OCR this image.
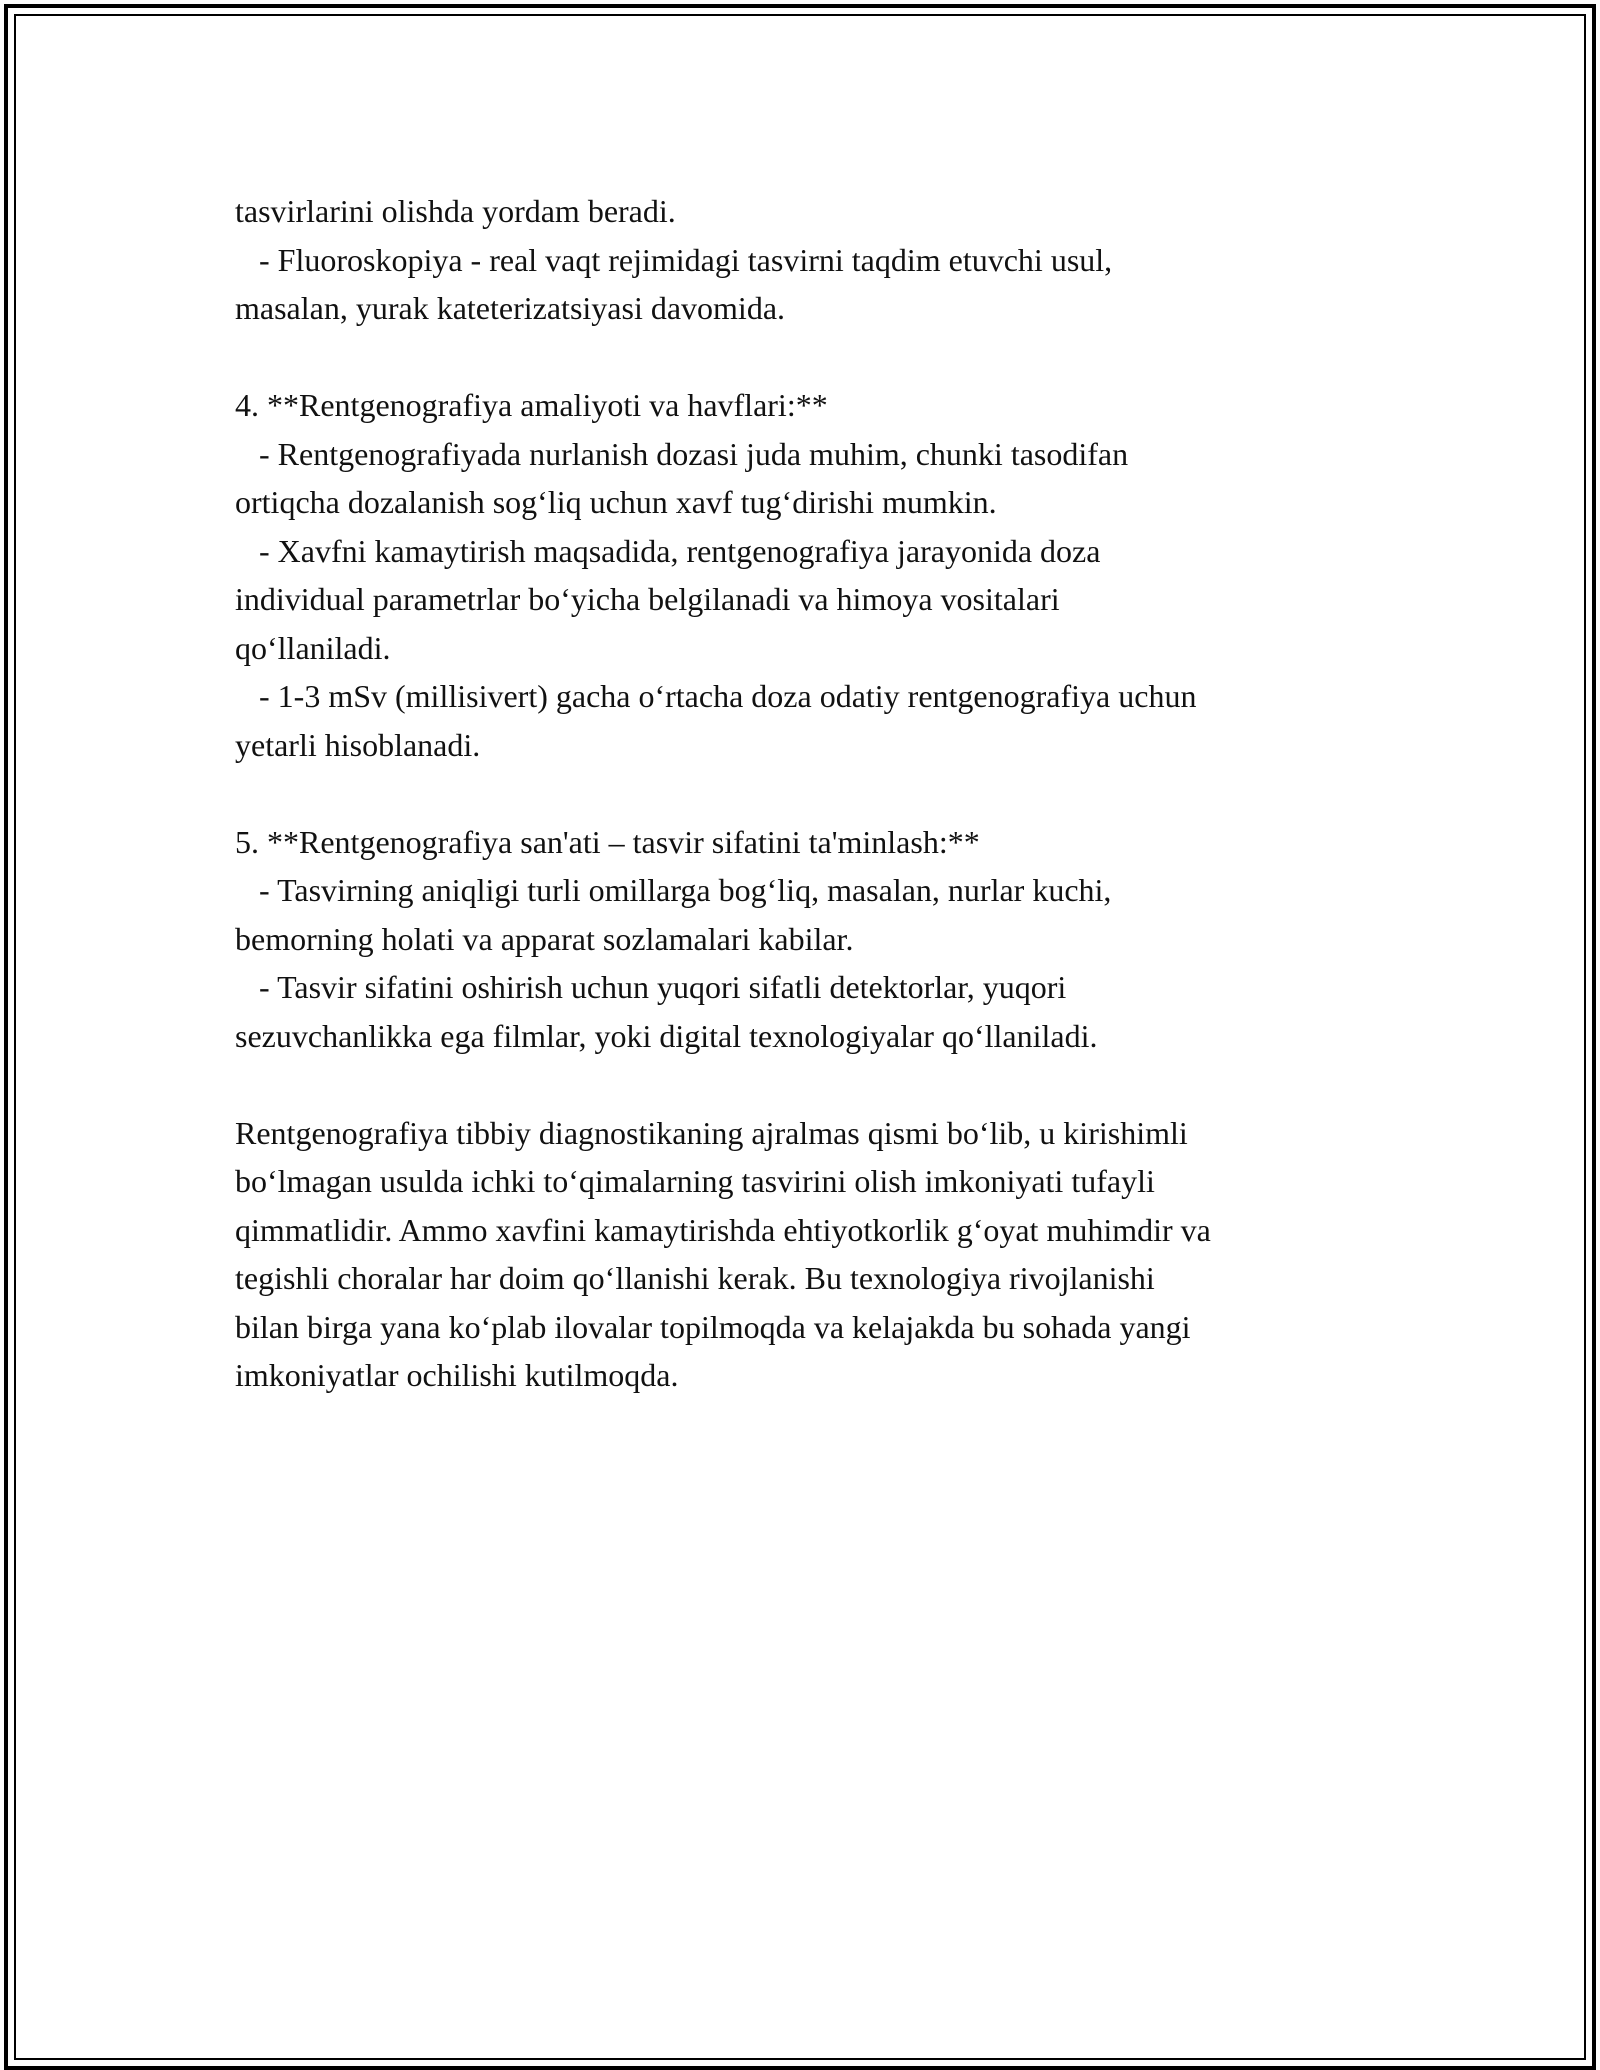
tasvirlarini olishda yordam beradi.
- Fluoroskopiya - real vaqt rejimidagi tasvirni taqdim etuvchi usul,
masalan, yurak kateterizatsiyasi davomida.
4. **Rentgenografiya amaliyoti va havflari:**
- Rentgenografiyada nurlanish dozasi juda muhim, chunki tasodifan
ortiqcha dozalanish sog‘liq uchun xavf tug‘dirishi mumkin.
- Xavfni kamaytirish maqsadida, rentgenografiya jarayonida doza
individual parametrlar bo‘yicha belgilanadi va himoya vositalari
qo‘llaniladi.
- 1-3 mSv (millisivert) gacha o‘rtacha doza odatiy rentgenografiya uchun
yetarli hisoblanadi.
5. **Rentgenografiya san'ati – tasvir sifatini ta'minlash:**
- Tasvirning aniqligi turli omillarga bog‘liq, masalan, nurlar kuchi,
bemorning holati va apparat sozlamalari kabilar.
- Tasvir sifatini oshirish uchun yuqori sifatli detektorlar, yuqori
sezuvchanlikka ega filmlar, yoki digital texnologiyalar qo‘llaniladi.
Rentgenografiya tibbiy diagnostikaning ajralmas qismi bo‘lib, u kirishimli
bo‘lmagan usulda ichki to‘qimalarning tasvirini olish imkoniyati tufayli
qimmatlidir. Ammo xavfini kamaytirishda ehtiyotkorlik g‘oyat muhimdir va
tegishli choralar har doim qo‘llanishi kerak. Bu texnologiya rivojlanishi
bilan birga yana ko‘plab ilovalar topilmoqda va kelajakda bu sohada yangi
imkoniyatlar ochilishi kutilmoqda.
